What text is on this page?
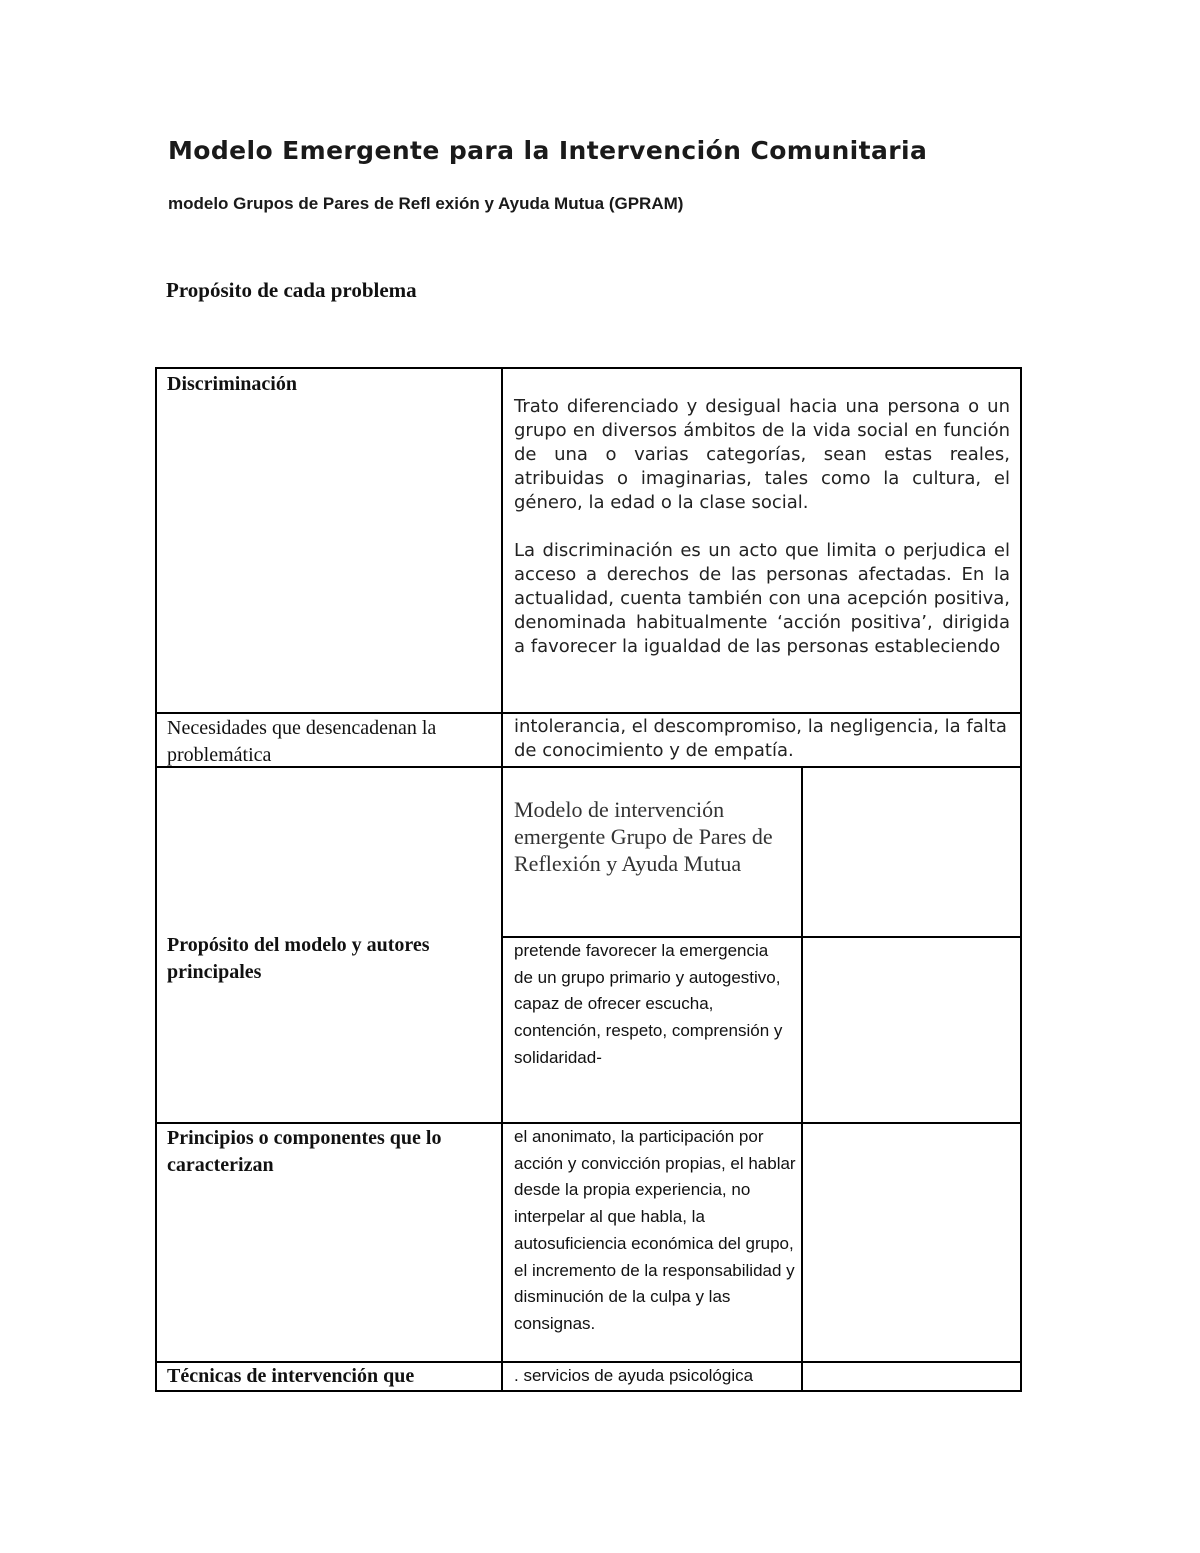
Modelo Emergente para la Intervención Comunitaria

modelo Grupos de Pares de Refl exión y Ayuda Mutua (GPRAM)

Propósito de cada problema
Discriminación

Trato diferenciado y desigual hacia una persona o un grupo en diversos ámbitos de la vida social en función de una o varias categorías, sean estas reales, atribuidas o imaginarias, tales como la cultura, el género, la edad o la clase social.

La discriminación es un acto que limita o perjudica el acceso a derechos de las personas afectadas. En la actualidad, cuenta también con una acepción positiva, denominada habitualmente ‘acción positiva’, dirigida a favorecer la igualdad de las personas estableciendo

Necesidades que desencadenan la problemática
intolerancia, el descompromiso, la negligencia, la falta de conocimiento y de empatía.
Propósito del modelo y autores principales
Modelo de intervención emergente Grupo de Pares de Reflexión y Ayuda Mutua
pretende favorecer la emergencia de un grupo primario y autogestivo, capaz de ofrecer escucha, contención, respeto, comprensión y solidaridad-
Principios o componentes que lo caracterizan
el anonimato, la participación por acción y convicción propias, el hablar desde la propia experiencia, no interpelar al que habla, la autosuficiencia económica del grupo, el incremento de la responsabilidad y disminución de la culpa y las consignas.
Técnicas de intervención que	. servicios de ayuda psicológica
